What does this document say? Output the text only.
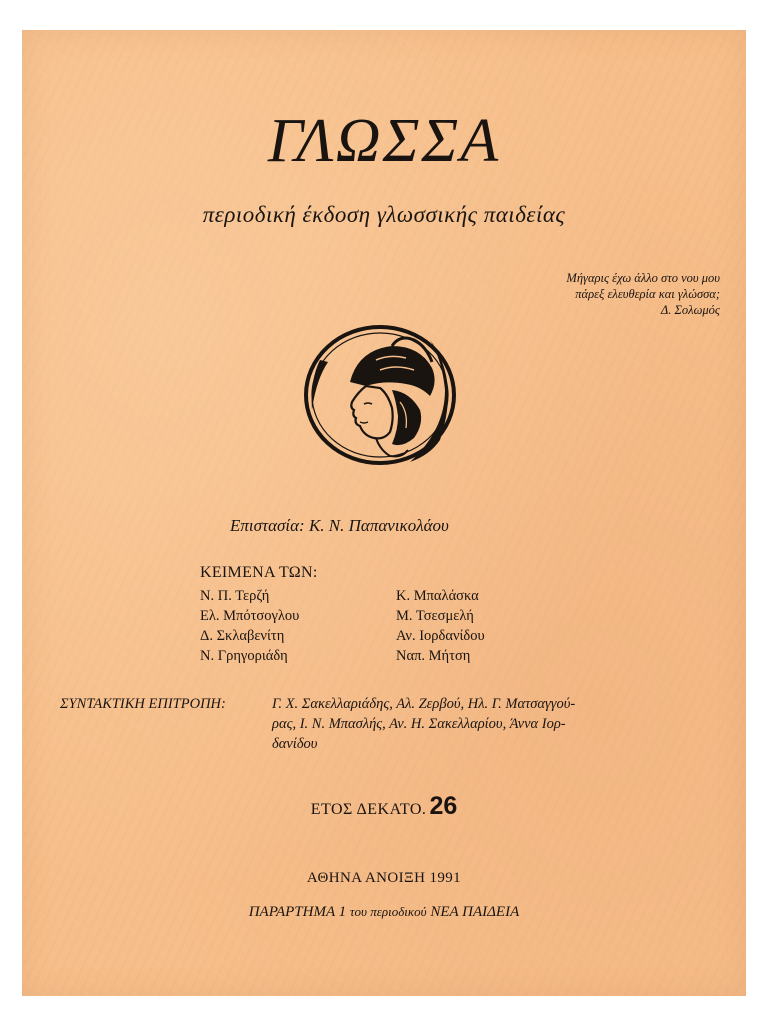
ΓΛΩΣΣΑ
περιοδική έκδοση γλωσσικής παιδείας
Μήγαρις έχω άλλο στο νου μου
πάρεξ ελευθερία και γλώσσα;
Δ. Σολωμός
Επιστασία: Κ. Ν. Παπανικολάου
ΚΕΙΜΕΝΑ ΤΩΝ:
Ν. Π. Τερζή
Ελ. Μπότσογλου
Δ. Σκλαβενίτη
Ν. Γρηγοριάδη
Κ. Μπαλάσκα
Μ. Τσεσμελή
Αν. Ιορδανίδου
Ναπ. Μήτση
ΣΥΝΤΑΚΤΙΚΗ ΕΠΙΤΡΟΠΗ:	Γ. Χ. Σακελλαριάδης, Αλ. Ζερβού, Ηλ. Γ. Ματσαγγού-
ρας, Ι. Ν. Μπασλής, Αν. Η. Σακελλαρίου, Άννα Ιορ-
δανίδου
ΕΤΟΣ ΔΕΚΑΤΟ. 26
ΑΘΗΝΑ ΑΝΟΙΞΗ 1991
ΠΑΡΑΡΤΗΜΑ 1 του περιοδικού ΝΕΑ ΠΑΙΔΕΙΑ
